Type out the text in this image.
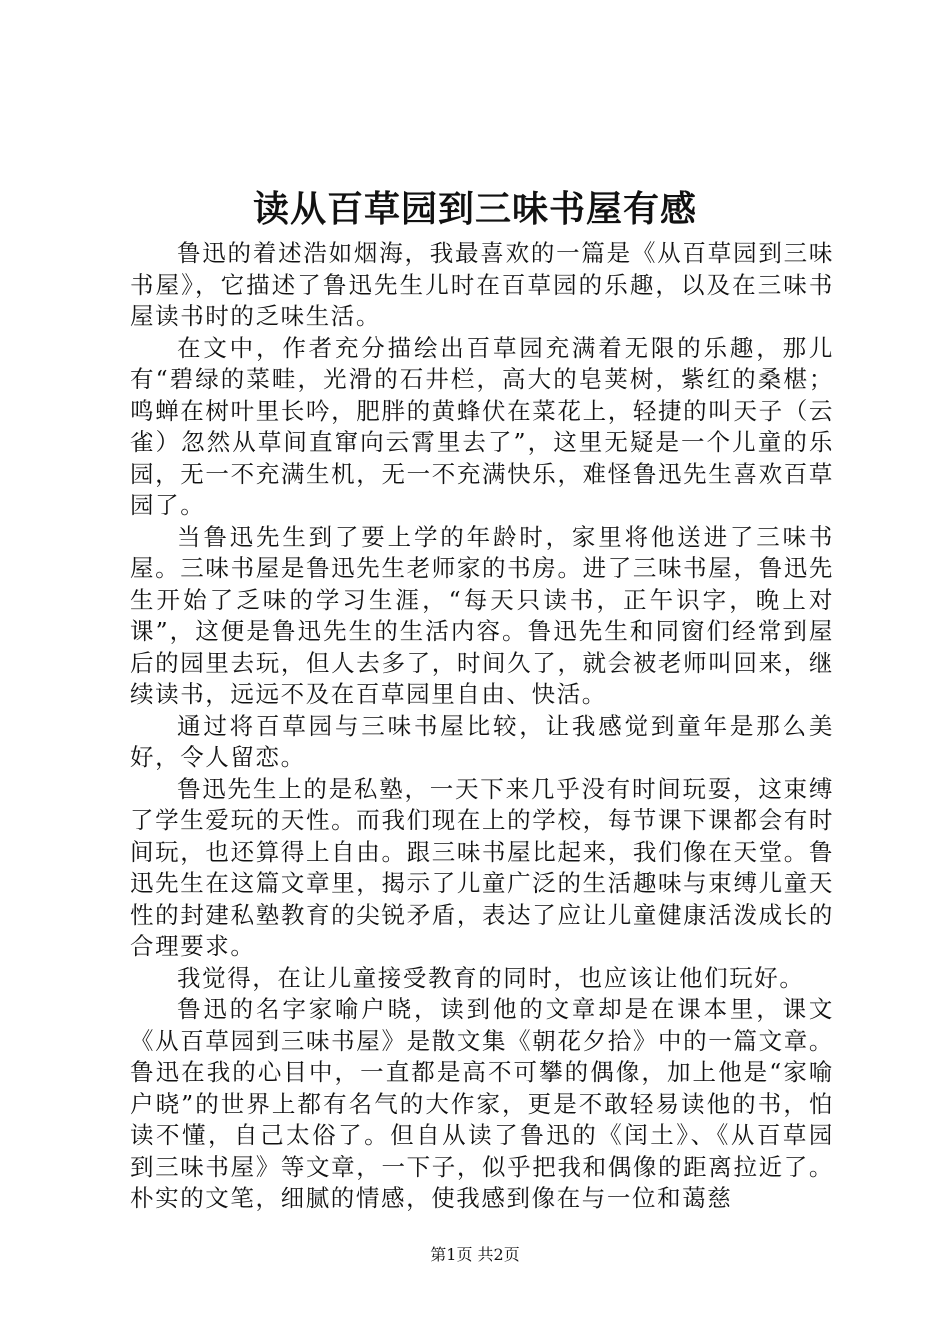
读从百草园到三味书屋有感

鲁迅的着述浩如烟海，我最喜欢的一篇是《从百草园到三味书屋》，它描述了鲁迅先生儿时在百草园的乐趣，以及在三味书屋读书时的乏味生活。

在文中，作者充分描绘出百草园充满着无限的乐趣，那儿有“碧绿的菜畦，光滑的石井栏，高大的皂荚树，紫红的桑椹；鸣蝉在树叶里长吟，肥胖的黄蜂伏在菜花上，轻捷的叫天子（云雀）忽然从草间直窜向云霄里去了”，这里无疑是一个儿童的乐园，无一不充满生机，无一不充满快乐，难怪鲁迅先生喜欢百草园了。

当鲁迅先生到了要上学的年龄时，家里将他送进了三味书屋。三味书屋是鲁迅先生老师家的书房。进了三味书屋，鲁迅先生开始了乏味的学习生涯，“每天只读书，正午识字，晚上对课”，这便是鲁迅先生的生活内容。鲁迅先生和同窗们经常到屋后的园里去玩，但人去多了，时间久了，就会被老师叫回来，继续读书，远远不及在百草园里自由、快活。

通过将百草园与三味书屋比较，让我感觉到童年是那么美好，令人留恋。

鲁迅先生上的是私塾，一天下来几乎没有时间玩耍，这束缚了学生爱玩的天性。而我们现在上的学校，每节课下课都会有时间玩，也还算得上自由。跟三味书屋比起来，我们像在天堂。鲁迅先生在这篇文章里，揭示了儿童广泛的生活趣味与束缚儿童天性的封建私塾教育的尖锐矛盾，表达了应让儿童健康活泼成长的合理要求。

我觉得，在让儿童接受教育的同时，也应该让他们玩好。

鲁迅的名字家喻户晓，读到他的文章却是在课本里，课文《从百草园到三味书屋》是散文集《朝花夕拾》中的一篇文章。鲁迅在我的心目中，一直都是高不可攀的偶像，加上他是“家喻户晓”的世界上都有名气的大作家，更是不敢轻易读他的书，怕读不懂，自己太俗了。但自从读了鲁迅的《闰土》、《从百草园到三味书屋》等文章，一下子，似乎把我和偶像的距离拉近了。朴实的文笔，细腻的情感，使我感到像在与一位和蔼慈

第1页 共2页
